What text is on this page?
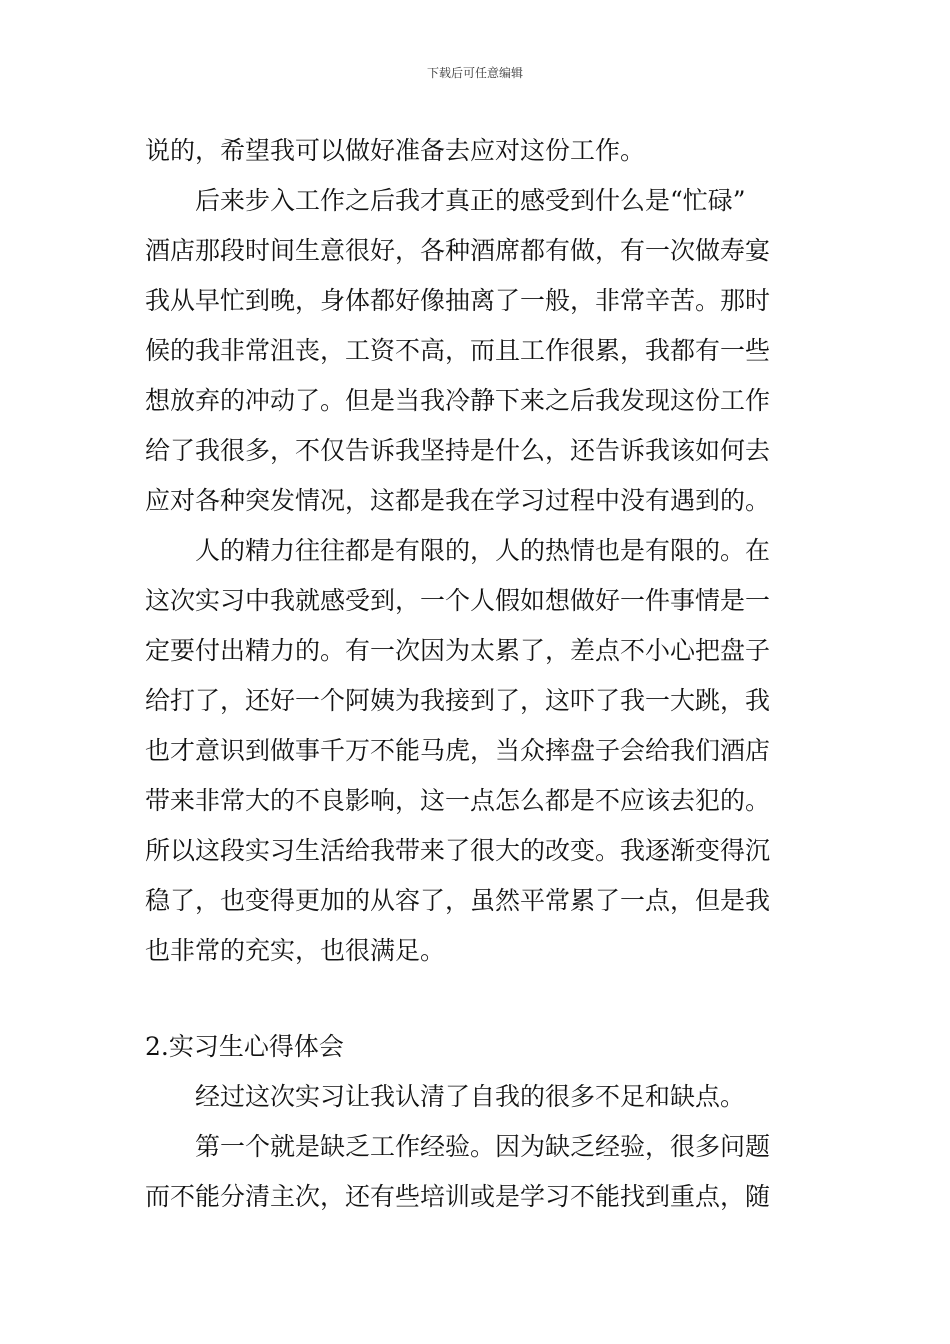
下载后可任意编辑
说的，希望我可以做好准备去应对这份工作。
后来步入工作之后我才真正的感受到什么是“忙碌”
酒店那段时间生意很好，各种酒席都有做，有一次做寿宴
我从早忙到晚，身体都好像抽离了一般，非常辛苦。那时
候的我非常沮丧，工资不高，而且工作很累，我都有一些
想放弃的冲动了。但是当我冷静下来之后我发现这份工作
给了我很多，不仅告诉我坚持是什么，还告诉我该如何去
应对各种突发情况，这都是我在学习过程中没有遇到的。
人的精力往往都是有限的，人的热情也是有限的。在
这次实习中我就感受到，一个人假如想做好一件事情是一
定要付出精力的。有一次因为太累了，差点不小心把盘子
给打了，还好一个阿姨为我接到了，这吓了我一大跳，我
也才意识到做事千万不能马虎，当众摔盘子会给我们酒店
带来非常大的不良影响，这一点怎么都是不应该去犯的。
所以这段实习生活给我带来了很大的改变。我逐渐变得沉
稳了，也变得更加的从容了，虽然平常累了一点，但是我
也非常的充实，也很满足。
2.实习生心得体会
经过这次实习让我认清了自我的很多不足和缺点。
第一个就是缺乏工作经验。因为缺乏经验，很多问题
而不能分清主次，还有些培训或是学习不能找到重点，随
